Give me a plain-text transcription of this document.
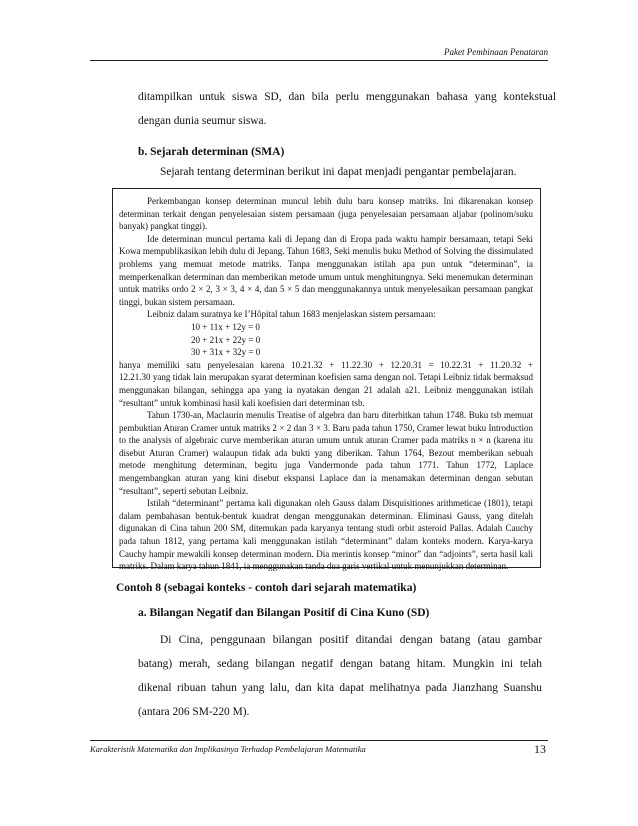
Paket Pembinaan Penataran

ditampilkan untuk siswa SD, dan bila perlu menggunakan bahasa yang kontekstual

dengan dunia seumur siswa.

b. Sejarah determinan (SMA)
Sejarah tentang determinan berikut ini dapat menjadi pengantar pembelajaran.

Perkembangan konsep determinan muncul lebih dulu baru konsep matriks. Ini dikarenakan konsep determinan terkait dengan penyelesaian sistem persamaan (juga penyelesaian persamaan aljabar (polinom/suku banyak) pangkat tinggi).

Ide determinan muncul pertama kali di Jepang dan di Eropa pada waktu hampir bersamaan, tetapi Seki Kowa mempublikasikan lebih dulu di Jepang. Tahun 1683, Seki menulis buku Method of Solving the dissimulated problems yang memuat metode matriks. Tanpa menggunakan istilah apa pun untuk “determinan”, ia memperkenalkan determinan dan memberikan metode umum untuk menghitungnya. Seki menemukan determinan untuk matriks ordo 2 × 2, 3 × 3, 4 × 4, dan 5 × 5 dan menggunakannya untuk menyelesaikan persamaan pangkat tinggi, bukan sistem persamaan.

Leibniz dalam suratnya ke I’Hôpital tahun 1683 menjelaskan sistem persamaan:

10 + 11x + 12y = 0

20 + 21x + 22y = 0

30 + 31x + 32y = 0

hanya memiliki satu penyelesaian karena 10.21.32 + 11.22.30 + 12.20.31 = 10.22.31 + 11.20.32 +

12.21.30 yang tidak lain merupakan syarat determinan koefisien sama dengan nol. Tetapi Leibniz tidak bermaksud menggunakan bilangan, sehingga apa yang ia nyatakan dengan 21 adalah a21. Leibniz menggunakan istilah “resultant” untuk kombinasi hasil kali koefisien dari determinan tsb.

Tahun 1730-an, Maclaurin menulis Treatise of algebra dan baru diterbitkan tahun 1748. Buku tsb memuat pembuktian Aturan Cramer untuk matriks 2 × 2 dan 3 × 3. Baru pada tahun 1750, Cramer lewat buku Introduction to the analysis of algebraic curve memberikan aturan umum untuk aturan Cramer pada matriks n × n (karena itu disebut Aturan Cramer) walaupun tidak ada bukti yang diberikan. Tahun 1764, Bezout memberikan sebuah metode menghitung determinan, begitu juga Vandermonde pada tahun 1771. Tahun 1772, Laplace mengembangkan aturan yang kini disebut ekspansi Laplace dan ia menamakan determinan dengan sebutan “resultant”, seperti sebutan Leibniz.

Istilah “determinant” pertama kali digunakan oleh Gauss dalam Disquisitiones arithmeticae (1801), tetapi dalam pembahasan bentuk-bentuk kuadrat dengan menggunakan determinan. Eliminasi Gauss, yang ditelah digunakan di Cina tahun 200 SM, ditemukan pada karyanya tentang studi orbit asteroid Pallas. Adalah Cauchy pada tahun 1812, yang pertama kali menggunakan istilah “determinant” dalam konteks modern. Karya-karya Cauchy hampir mewakili konsep determinan modern. Dia merintis konsep “minor” dan “adjoints”, serta hasil kali matriks. Dalam karya tahun 1841, ia menggunakan tanda dua garis vertikal untuk menunjukkan determinan.

Contoh 8 (sebagai konteks - contoh dari sejarah matematika)
a. Bilangan Negatif dan Bilangan Positif di Cina Kuno (SD)

Di Cina, penggunaan bilangan positif ditandai dengan batang (atau gambar

batang) merah, sedang bilangan negatif dengan batang hitam. Mungkin ini telah

dikenal ribuan tahun yang lalu, dan kita dapat melihatnya pada Jianzhang Suanshu

(antara 206 SM-220 M).

Karakteristik Matematika dan Implikasinya Terhadap Pembelajaran Matematika	13
